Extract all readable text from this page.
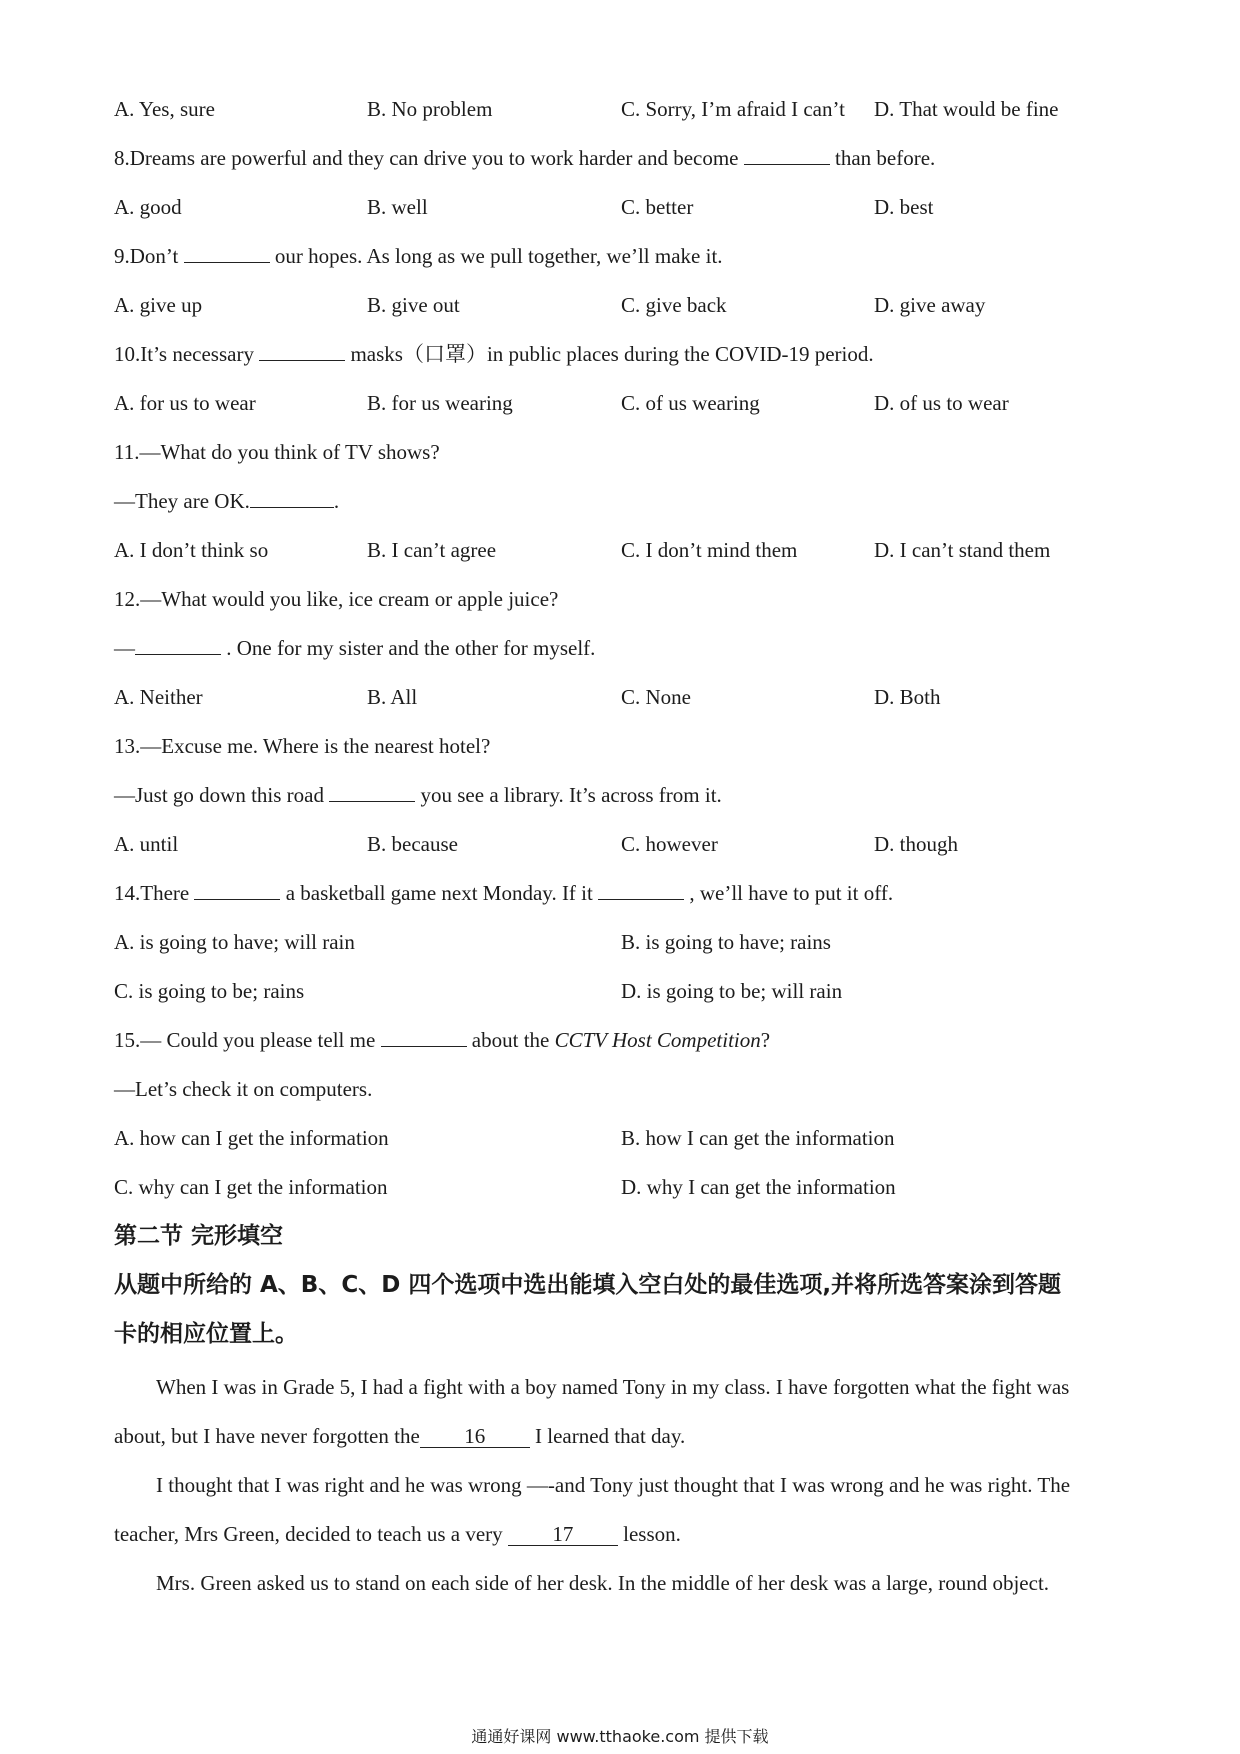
A. Yes, sure	B. No problem	C. Sorry, I’m afraid I can’t D. That would be fine
8.Dreams are powerful and they can drive you to work harder and become	than before.
A. good	B. well	C. better	D. best
9.Don’t	our hopes. As long as we pull together, we’ll make it.
A. give up	B. give out	C. give back	D. give away
10.It’s necessary	masks（口罩）in public places during the COVID-19 period.
A. for us to wear	B. for us wearing	C. of us wearing	D. of us to wear
11.—What do you think of TV shows?
—They are OK.	.
A. I don’t think so	B. I can’t agree	C. I don’t mind them	D. I can’t stand them
12.—What would you like, ice cream or apple juice?
—	. One for my sister and the other for myself.
A. Neither	B. All	C. None	D. Both
13.—Excuse me. Where is the nearest hotel?
—Just go down this road	you see a library. It’s across from it.
A. until	B. because	C. however	D. though
14.There	a basketball game next Monday. If it	, we’ll have to put it off.
A. is going to have; will rain	B. is going to have; rains
C. is going to be; rains	D. is going to be; will rain
15.— Could you please tell me	about the CCTV Host Competition?
—Let’s check it on computers.
A. how can I get the information	B. how I can get the information
C. why can I get the information	D. why I can get the information
第二节 完形填空
从题中所给的 A、B、C、D 四个选项中选出能填入空白处的最佳选项,并将所选答案涂到答题
卡的相应位置上。
When I was in Grade 5, I had a fight with a boy named Tony in my class. I have forgotten what the fight was
about, but I have never forgotten the 16 I learned that day.
I thought that I was right and he was wrong —-and Tony just thought that I was wrong and he was right. The
teacher, Mrs Green, decided to teach us a very 17 lesson.
Mrs. Green asked us to stand on each side of her desk. In the middle of her desk was a large, round object.
通通好课网 www.tthaoke.com 提供下载
